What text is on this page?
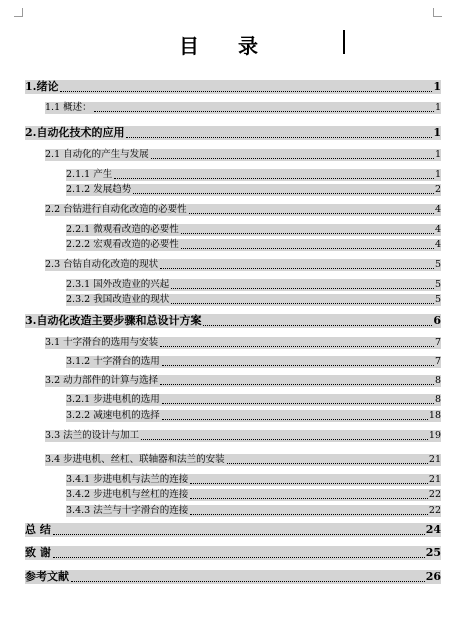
目 录
1.绪论	1
1.1 概述：	1
2.自动化技术的应用	1
2.1 自动化的产生与发展	1
2.1.1 产生	1
2.1.2 发展趋势	2
2.2 台钻进行自动化改造的必要性	4
2.2.1 微观看改造的必要性	4
2.2.2 宏观看改造的必要性	4
2.3 台钻自动化改造的现状	5
2.3.1 国外改造业的兴起	5
2.3.2 我国改造业的现状	5
3.自动化改造主要步骤和总设计方案	6
3.1 十字滑台的选用与安装	7
3.1.2 十字滑台的选用	7
3.2 动力部件的计算与选择	8
3.2.1 步进电机的选用	8
3.2.2 减速电机的选择	18
3.3 法兰的设计与加工	19
3.4 步进电机、丝杠、联轴器和法兰的安装	21
3.4.1 步进电机与法兰的连接	21
3.4.2 步进电机与丝杠的连接	22
3.4.3 法兰与十字滑台的连接	22
总 结	24
致 谢	25
参考文献	26
